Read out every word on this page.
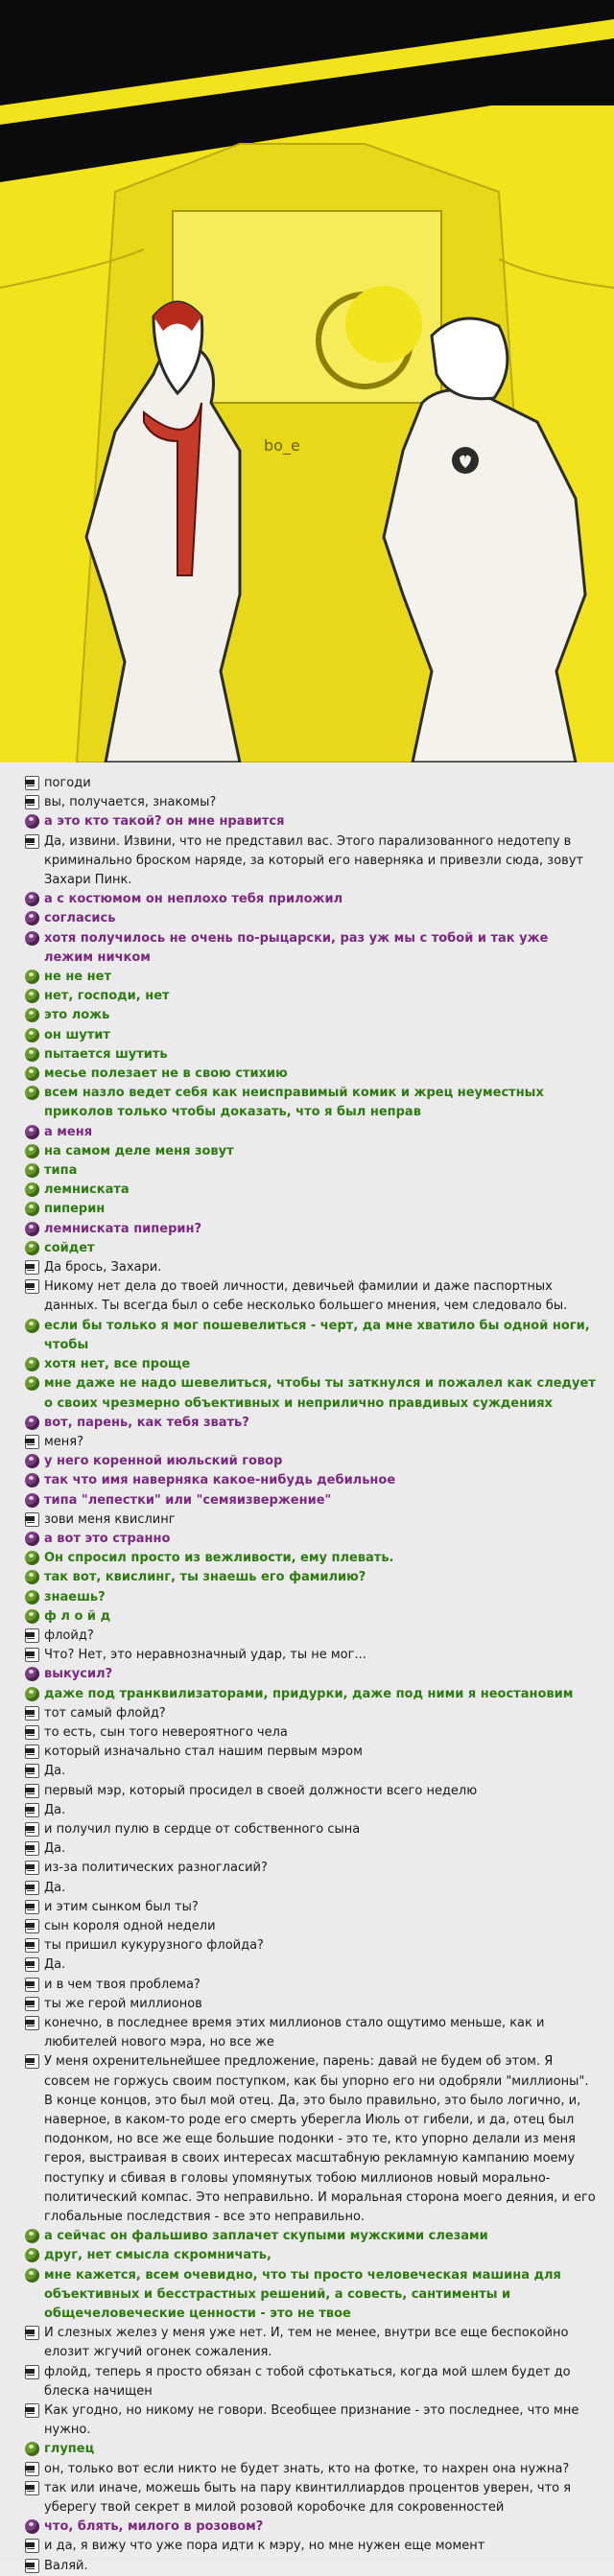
bo_e
погоди
вы, получается, знакомы?
а это кто такой? он мне нравится
Да, извини. Извини, что не представил вас. Этого парализованного недотепу в криминально броском наряде, за который его наверняка и привезли сюда, зовут Захари Пинк.
а с костюмом он неплохо тебя приложил
согласись
хотя получилось не очень по-рыцарски, раз уж мы с тобой и так уже лежим ничком
не не нет
нет, господи, нет
это ложь
он шутит
пытается шутить
месье полезает не в свою стихию
всем назло ведет себя как неисправимый комик и жрец неуместных приколов только чтобы доказать, что я был неправ
а меня
на самом деле меня зовут
типа
лемнискатa
пиперин
лемнискатa пиперин?
сойдет
Да брось, Захари.
Никому нет дела до твоей личности, девичьей фамилии и даже паспортных данных. Ты всегда был о себе несколько большего мнения, чем следовало бы.
если бы только я мог пошевелиться - черт, да мне хватило бы одной ноги, чтобы
хотя нет, все проще
мне даже не надо шевелиться, чтобы ты заткнулся и пожалел как следует о своих чрезмерно объективных и неприлично правдивых суждениях
вот, парень, как тебя звать?
меня?
у него коренной июльский говор
так что имя наверняка какое-нибудь дебильное
типа "лепестки" или "семяизвержение"
зови меня квислинг
а вот это странно
Он спросил просто из вежливости, ему плевать.
так вот, квислинг, ты знаешь его фамилию?
знаешь?
ф л о й д
флойд?
Что? Нет, это неравнозначный удар, ты не мог...
выкусил?
даже под транквилизаторами, придурки, даже под ними я неостановим
тот самый флойд?
то есть, сын того невероятного чела
который изначально стал нашим первым мэром
Да.
первый мэр, который просидел в своей должности всего неделю
Да.
и получил пулю в сердце от собственного сына
Да.
из-за политических разногласий?
Да.
и этим сынком был ты?
сын короля одной недели
ты пришил кукурузного флойда?
Да.
и в чем твоя проблема?
ты же герой миллионов
конечно, в последнее время этих миллионов стало ощутимо меньше, как и любителей нового мэра, но все же
У меня охренительнейшее предложение, парень: давай не будем об этом. Я совсем не горжусь своим поступком, как бы упорно его ни одобряли "миллионы". В конце концов, это был мой отец. Да, это было правильно, это было логично, и, наверное, в каком-то роде его смерть уберегла Июль от гибели, и да, отец был подонком, но все же еще большие подонки - это те, кто упорно делали из меня героя, выстраивая в своих интересах масштабную рекламную кампанию моему поступку и сбивая в головы упомянутых тобою миллионов новый морально-политический компас. Это неправильно. И моральная сторона моего деяния, и его глобальные последствия - все это неправильно.
а сейчас он фальшиво заплачет скупыми мужскими слезами
друг, нет смысла скромничать,
мне кажется, всем очевидно, что ты просто человеческая машина для объективных и бесстрастных решений, а совесть, сантименты и общечеловеческие ценности - это не твое
И слезных желез у меня уже нет. И, тем не менее, внутри все еще беспокойно елозит жгучий огонек сожаления.
флойд, теперь я просто обязан с тобой сфотькаться, когда мой шлем будет до блеска начищен
Как угодно, но никому не говори. Всеобщее признание - это последнее, что мне нужно.
глупец
он, только вот если никто не будет знать, кто на фотке, то нахрен она нужна?
так или иначе, можешь быть на пару квинтиллиардов процентов уверен, что я уберегу твой секрет в милой розовой коробочке для сокровенностей
что, блять, милого в розовом?
и да, я вижу что уже пора идти к мэру, но мне нужен еще момент
Валяй.
